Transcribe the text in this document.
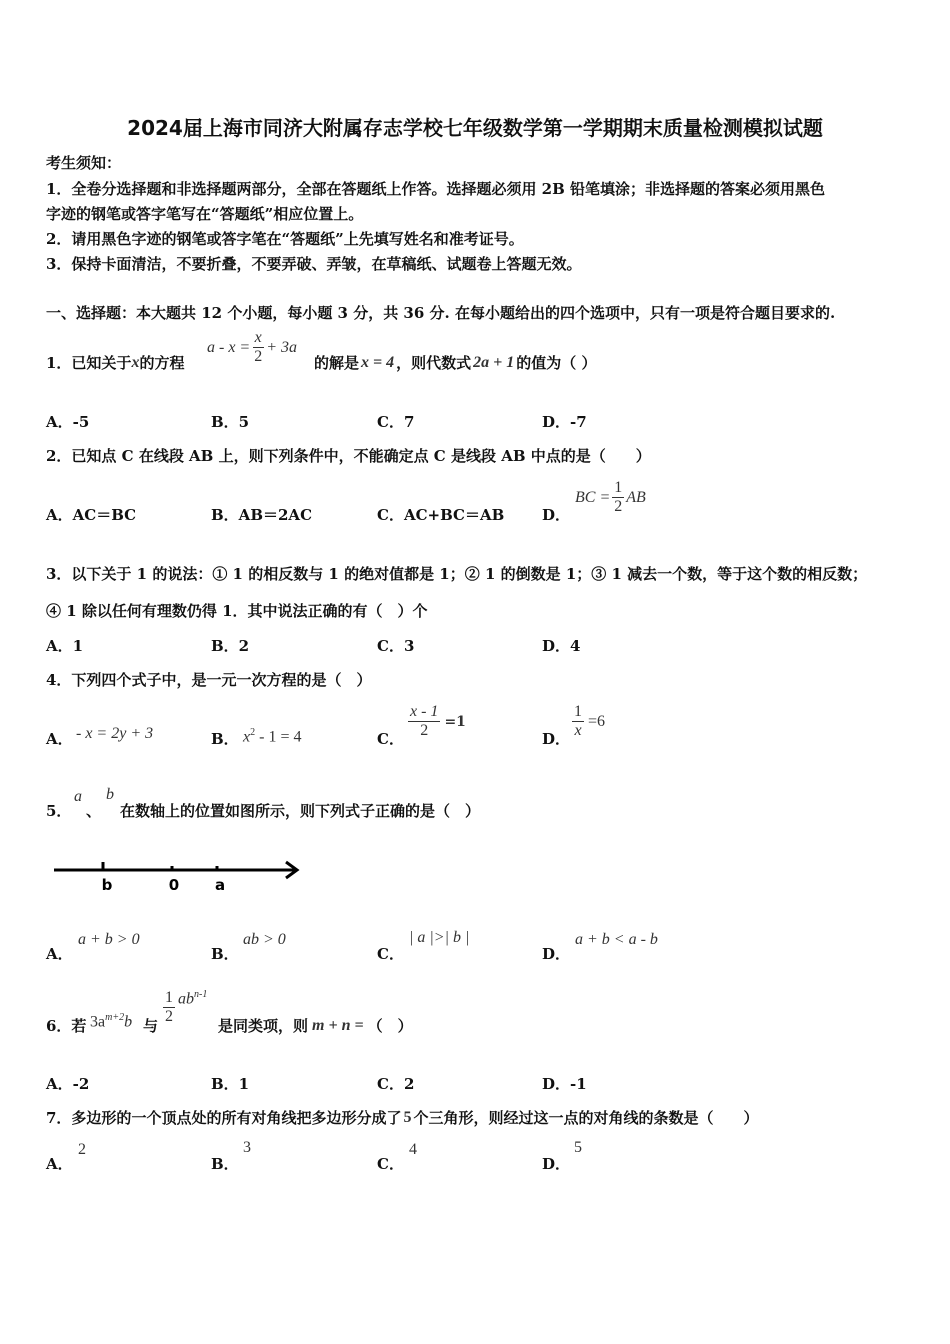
2024届上海市同济大附属存志学校七年级数学第一学期期末质量检测模拟试题
考生须知：
1．全卷分选择题和非选择题两部分，全部在答题纸上作答。选择题必须用 2B 铅笔填涂；非选择题的答案必须用黑色
字迹的钢笔或答字笔写在“答题纸”相应位置上。
2．请用黑色字迹的钢笔或答字笔在“答题纸”上先填写姓名和准考证号。
3．保持卡面清洁，不要折叠，不要弄破、弄皱，在草稿纸、试题卷上答题无效。
一、选择题：本大题共 12 个小题，每小题 3 分，共 36 分. 在每小题给出的四个选项中，只有一项是符合题目要求的.
1．已知关于 x 的方程
$a - x = \frac{x}{2} + 3a$
的解是 x = 4 ，则代数式 2a + 1 的值为（ ）
A．-5	B．5	C．7	D．-7
2．已知点 C 在线段 AB 上，则下列条件中，不能确定点 C 是线段 AB 中点的是（　　）
A．AC＝BC	B．AB＝2AC	C．AC+BC＝AB	D．
BC = $\frac{1}{2}$ AB
3．以下关于 1 的说法：① 1 的相反数与 1 的绝对值都是 1；② 1 的倒数是 1；③ 1 减去一个数，等于这个数的相反数；
④ 1 除以任何有理数仍得 1．其中说法正确的有（　）个
A．1	B．2	C．3	D．4
4．下列四个式子中，是一元一次方程的是（　）
A． - x = 2y + 3	B． $x^2 - 1 = 4$	C． $\frac{x - 1}{2} =1$
D． $\frac{1}{x} =6$
5．
a
、
b
在数轴上的位置如图所示，则下列式子正确的是（　）
b	0 a
A．
a + b > 0
B．
ab > 0
C．
| a |>| b |
D．
a + b < a - b
6．若 $3a^{m+2}b$ 与
$\frac{1}{2} ab^{n-1}$
是同类项，则 m + n = （　）
A．-2	B．1	C．2	D．-1
7．多边形的一个顶点处的所有对角线把多边形分成了 5 个三角形，则经过这一点的对角线的条数是（　　）
A．
2
B．
3
C．
4
D．
5
